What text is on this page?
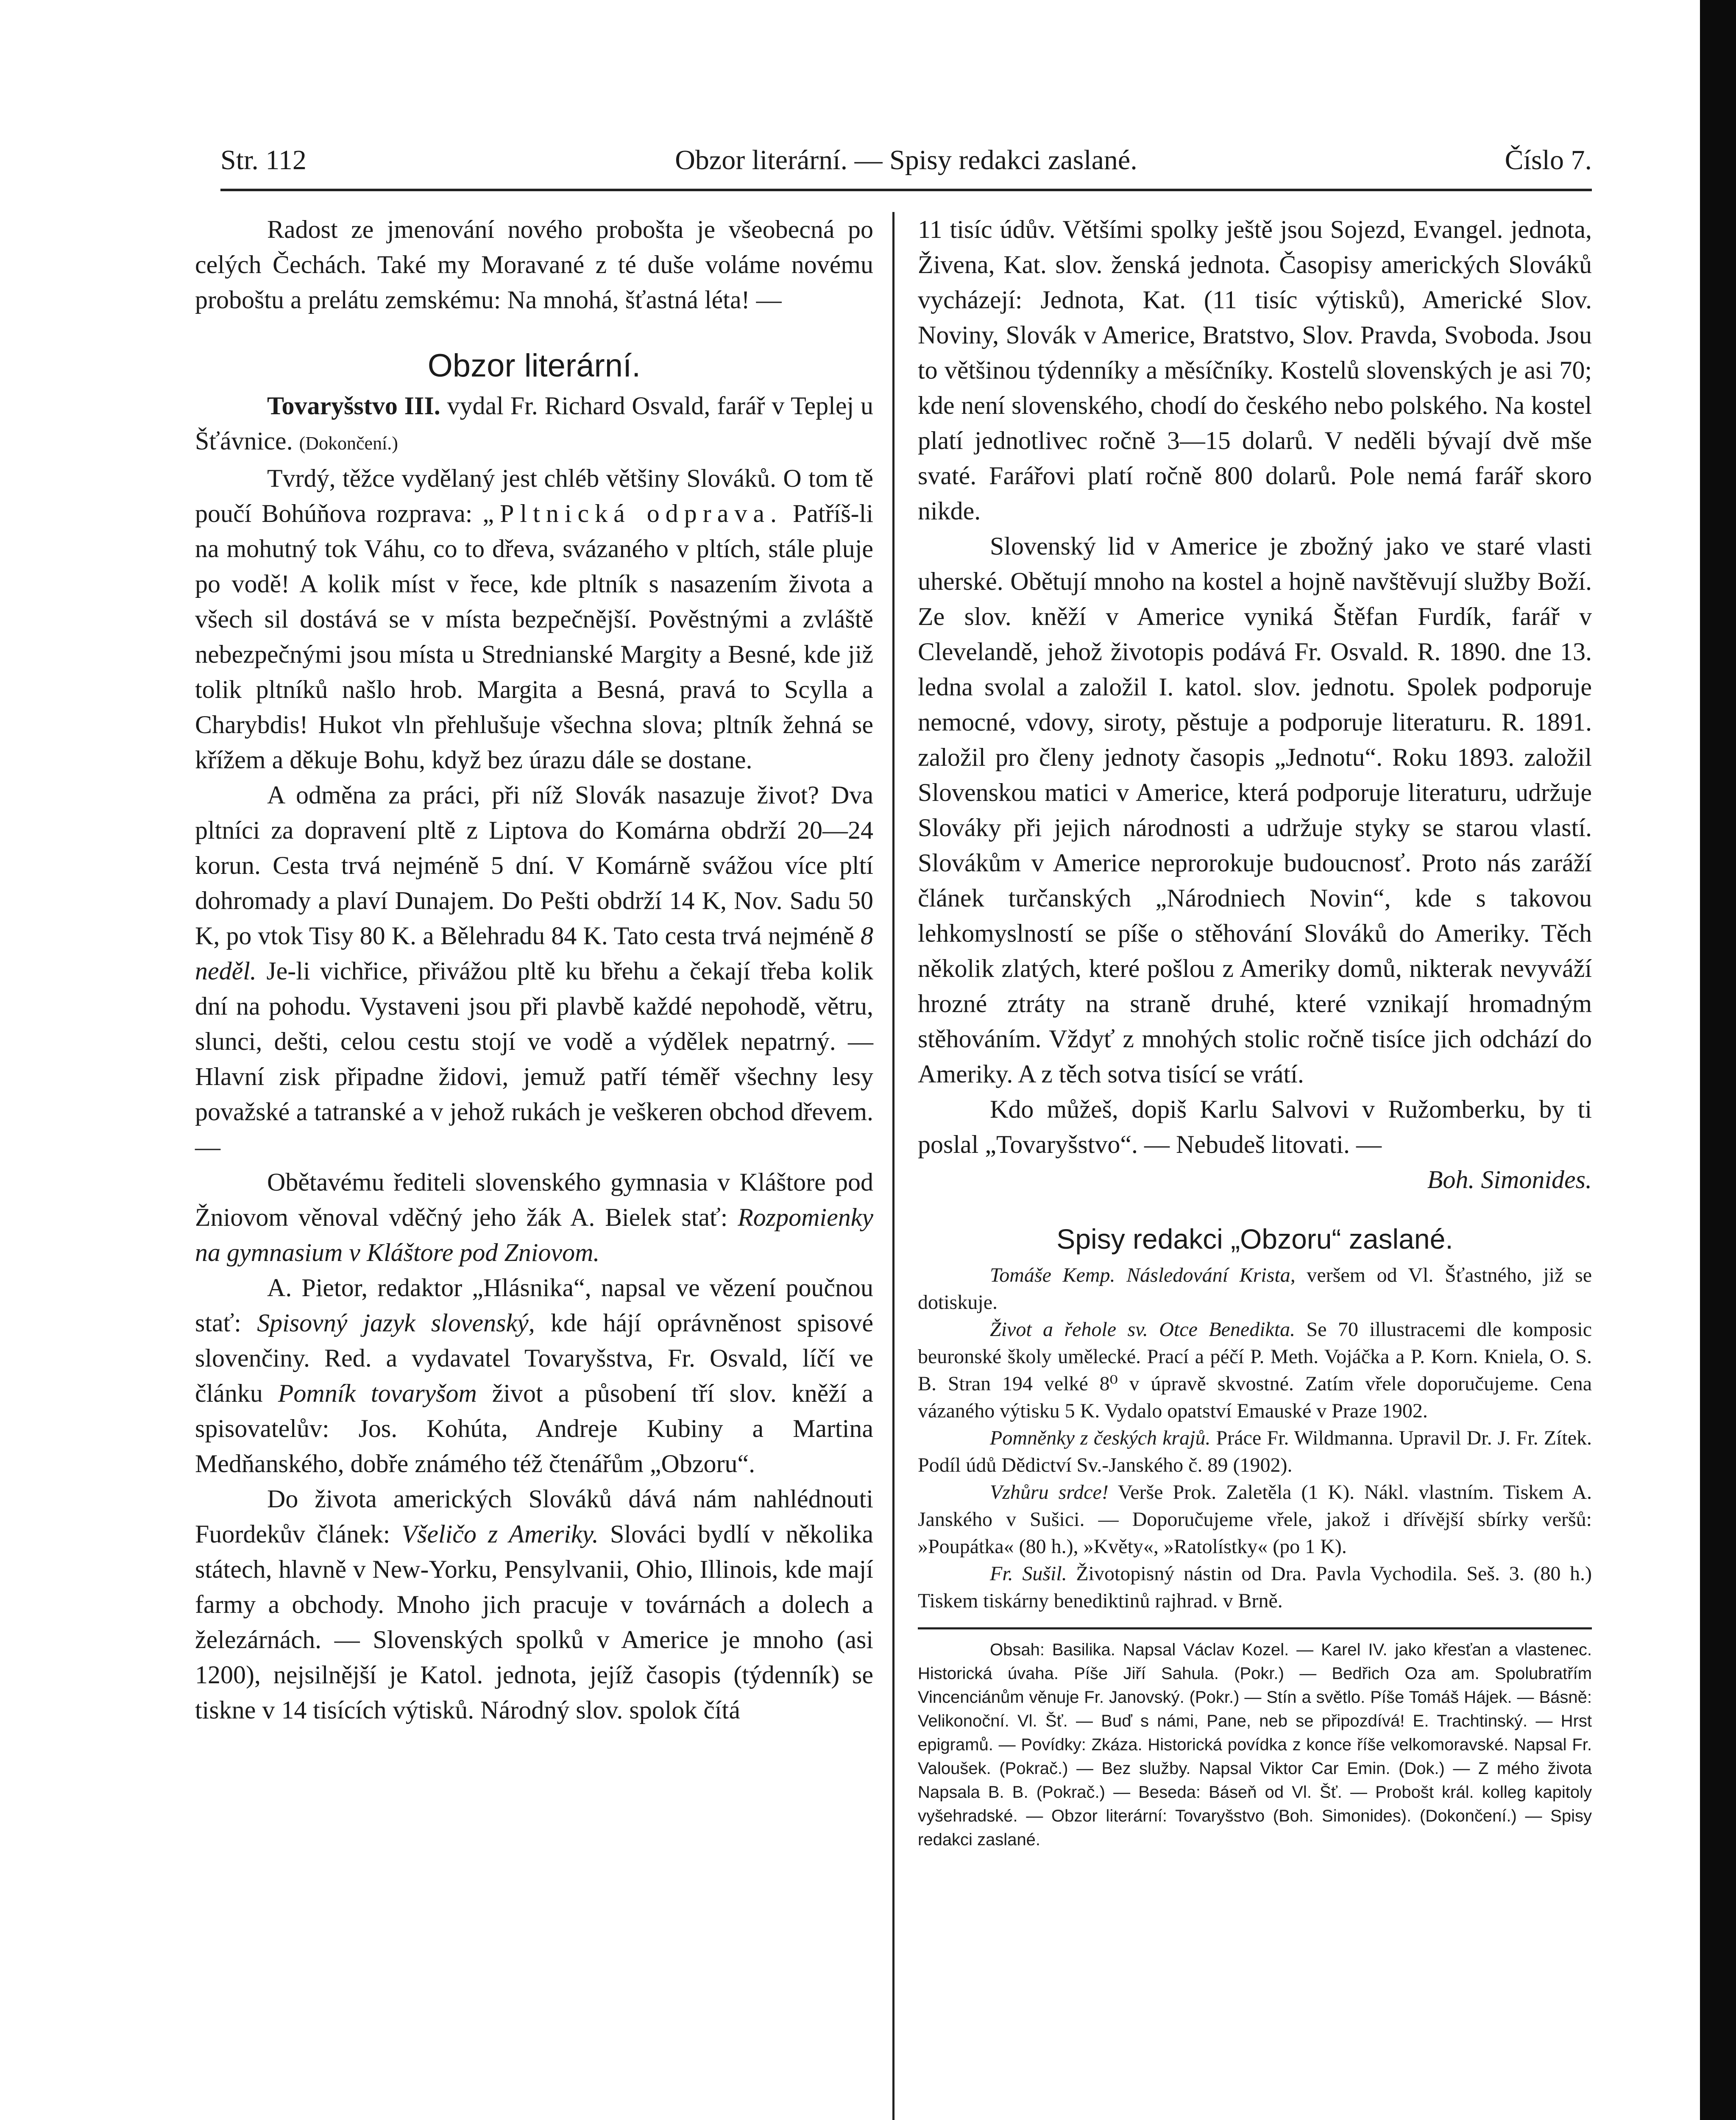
Str. 112	Obzor literární. — Spisy redakci zaslané.	Číslo 7.

Radost ze jmenování nového probošta je všeobecná po celých Čechách. Také my Moravané z té duše voláme novému proboštu a prelátu zemskému: Na mnohá, šťastná léta! —

Obzor literární.

Tovaryšstvo III. vydal Fr. Richard Osvald, farář v Teplej u Šťávnice. (Dokončení.)

Tvrdý, těžce vydělaný jest chléb většiny Slováků. O tom tě poučí Bohúňova rozprava: „Pltnická odprava. Patříš-li na mohutný tok Váhu, co to dřeva, svázaného v pltích, stále pluje po vodě! A kolik míst v řece, kde pltník s nasazením života a všech sil dostává se v místa bezpečnější. Pověstnými a zvláště nebezpečnými jsou místa u Strednianské Margity a Besné, kde již tolik pltníků našlo hrob. Margita a Besná, pravá to Scylla a Charybdis! Hukot vln přehlušuje všechna slova; pltník žehná se křížem a děkuje Bohu, když bez úrazu dále se dostane.

A odměna za práci, při níž Slovák nasazuje život? Dva pltníci za dopravení pltě z Liptova do Komárna obdrží 20—24 korun. Cesta trvá nejméně 5 dní. V Komárně svážou více pltí dohromady a plaví Dunajem. Do Pešti obdrží 14 K, Nov. Sadu 50 K, po vtok Tisy 80 K. a Bělehradu 84 K. Tato cesta trvá nejméně 8 neděl. Je-li vichřice, přivážou pltě ku břehu a čekají třeba kolik dní na pohodu. Vystaveni jsou při plavbě každé nepohodě, větru, slunci, dešti, celou cestu stojí ve vodě a výdělek nepatrný. — Hlavní zisk připadne židovi, jemuž patří téměř všechny lesy považské a tatranské a v jehož rukách je veškeren obchod dřevem. —

Obětavému řediteli slovenského gymnasia v Kláštore pod Žniovom věnoval vděčný jeho žák A. Bielek stať: Rozpomienky na gymnasium v Kláštore pod Zniovom.

A. Pietor, redaktor „Hlásnika“, napsal ve vězení poučnou stať: Spisovný jazyk slovenský, kde hájí oprávněnost spisové slovenčiny. Red. a vydavatel Tovaryšstva, Fr. Osvald, líčí ve článku Pomník tovaryšom život a působení tří slov. kněží a spisovatelův: Jos. Kohúta, Andreje Kubiny a Martina Medňanského, dobře známého též čtenářům „Obzoru“.

Do života amerických Slováků dává nám nahlédnouti Fuordekův článek: Všeličo z Ameriky. Slováci bydlí v několika státech, hlavně v New-Yorku, Pensylvanii, Ohio, Illinois, kde mají farmy a obchody. Mnoho jich pracuje v továrnách a dolech a železárnách. — Slovenských spolků v Americe je mnoho (asi 1200), nejsilnější je Katol. jednota, jejíž časopis (týdenník) se tiskne v 14 tisících výtisků. Národný slov. spolok čítá

11 tisíc údův. Většími spolky ještě jsou Sojezd, Evangel. jednota, Živena, Kat. slov. ženská jednota. Časopisy amerických Slováků vycházejí: Jednota, Kat. (11 tisíc výtisků), Americké Slov. Noviny, Slovák v Americe, Bratstvo, Slov. Pravda, Svoboda. Jsou to většinou týdenníky a měsíčníky. Kostelů slovenských je asi 70; kde není slovenského, chodí do českého nebo polského. Na kostel platí jednotlivec ročně 3—15 dolarů. V neděli bývají dvě mše svaté. Farářovi platí ročně 800 dolarů. Pole nemá farář skoro nikde.

Slovenský lid v Americe je zbožný jako ve staré vlasti uherské. Obětují mnoho na kostel a hojně navštěvují služby Boží. Ze slov. kněží v Americe vyniká Štěfan Furdík, farář v Clevelandě, jehož životopis podává Fr. Osvald. R. 1890. dne 13. ledna svolal a založil I. katol. slov. jednotu. Spolek podporuje nemocné, vdovy, siroty, pěstuje a podporuje literaturu. R. 1891. založil pro členy jednoty časopis „Jednotu“. Roku 1893. založil Slovenskou matici v Americe, která podporuje literaturu, udržuje Slováky při jejich národnosti a udržuje styky se starou vlastí. Slovákům v Americe neprorokuje budoucnosť. Proto nás zaráží článek turčanských „Národniech Novin“, kde s takovou lehkomyslností se píše o stěhování Slováků do Ameriky. Těch několik zlatých, které pošlou z Ameriky domů, nikterak nevyváží hrozné ztráty na straně druhé, které vznikají hromadným stěhováním. Vždyť z mnohých stolic ročně tisíce jich odchází do Ameriky. A z těch sotva tisící se vrátí.

Kdo můžeš, dopiš Karlu Salvovi v Ružomberku, by ti poslal „Tovaryšstvo“. — Nebudeš litovati. —

Boh. Simonides.
Spisy redakci „Obzoru“ zaslané.

Tomáše Kemp. Následování Krista, veršem od Vl. Šťastného, již se dotiskuje.

Život a řehole sv. Otce Benedikta. Se 70 illustracemi dle komposic beuronské školy umělecké. Prací a péčí P. Meth. Vojáčka a P. Korn. Kniela, O. S. B. Stran 194 velké 8⁰ v úpravě skvostné. Zatím vřele doporučujeme. Cena vázaného výtisku 5 K. Vydalo opatství Emauské v Praze 1902.

Pomněnky z českých krajů. Práce Fr. Wildmanna. Upravil Dr. J. Fr. Zítek. Podíl údů Dědictví Sv.-Janského č. 89 (1902).

Vzhůru srdce! Verše Prok. Zaletěla (1 K). Nákl. vlastním. Tiskem A. Janského v Sušici. — Doporučujeme vřele, jakož i dřívější sbírky veršů: »Poupátka« (80 h.), »Květy«, »Ratolístky« (po 1 K).

Fr. Sušil. Životopisný nástin od Dra. Pavla Vychodila. Seš. 3. (80 h.) Tiskem tiskárny benediktinů rajhrad. v Brně.

Obsah: Basilika. Napsal Václav Kozel. — Karel IV. jako křesťan a vlastenec. Historická úvaha. Píše Jiří Sahula. (Pokr.) — Bedřich Oza am. Spolubratřím Vincenciánům věnuje Fr. Janovský. (Pokr.) — Stín a světlo. Píše Tomáš Hájek. — Básně: Velikonoční. Vl. Šť. — Buď s námi, Pane, neb se připozdívá! E. Trachtinský. — Hrst epigramů. — Povídky: Zkáza. Historická povídka z konce říše velkomoravské. Napsal Fr. Valoušek. (Pokrač.) — Bez služby. Napsal Viktor Car Emin. (Dok.) — Z mého života Napsala B. B. (Pokrač.) — Beseda: Báseň od Vl. Šť. — Probošt král. kolleg kapitoly vyšehradské. — Obzor literární: Tovaryšstvo (Boh. Simonides). (Dokončení.) — Spisy redakci zaslané.
